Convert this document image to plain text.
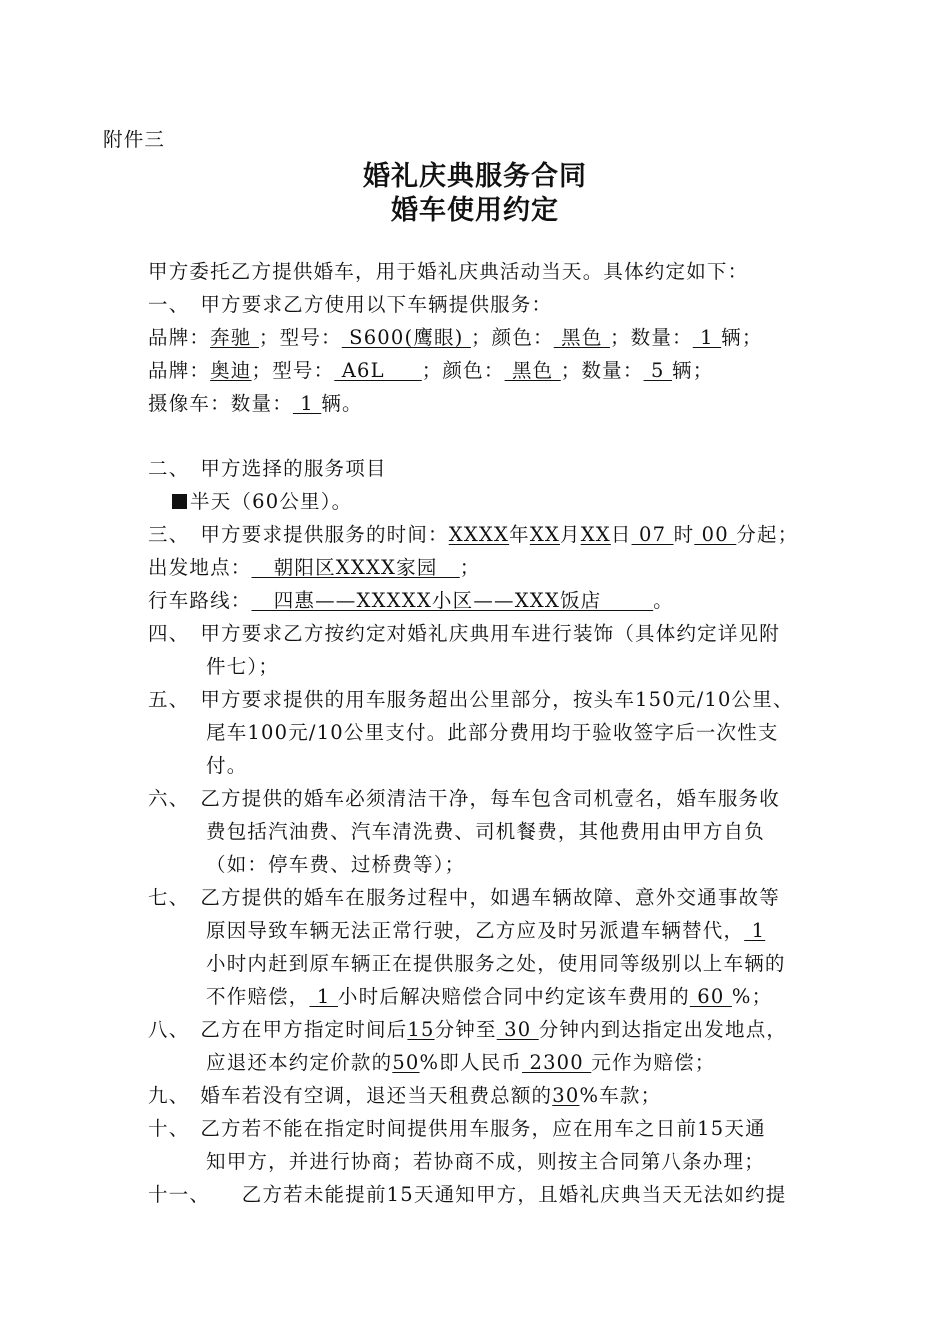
附件三
婚礼庆典服务合同
婚车使用约定
甲方委托乙方提供婚车，用于婚礼庆典活动当天。具体约定如下：
一、　甲方要求乙方使用以下车辆提供服务：
品牌：奔驰 ；型号： S600(鹰眼) ；颜色： 黑色 ；数量： 1 辆；
品牌：奥迪；型号： A6L     ；颜色： 黑色 ；数量： 5 辆；
摄像车：数量： 1 辆。
二、　甲方选择的服务项目
半天（60公里）。
三、　甲方要求提供服务的时间：XXXX年XX月XX日 07 时 00 分起；
出发地点：   朝阳区XXXX家园   ；
行车路线：   四惠——XXXXX小区——XXX饭店       。
四、　甲方要求乙方按约定对婚礼庆典用车进行装饰（具体约定详见附
件七）；
五、　甲方要求提供的用车服务超出公里部分，按头车150元/10公里、
尾车100元/10公里支付。此部分费用均于验收签字后一次性支
付。
六、　乙方提供的婚车必须清洁干净，每车包含司机壹名，婚车服务收
费包括汽油费、汽车清洗费、司机餐费，其他费用由甲方自负
（如：停车费、过桥费等）；
七、　乙方提供的婚车在服务过程中，如遇车辆故障、意外交通事故等
原因导致车辆无法正常行驶，乙方应及时另派遣车辆替代， 1
小时内赶到原车辆正在提供服务之处，使用同等级别以上车辆的
不作赔偿， 1 小时后解决赔偿合同中约定该车费用的 60 %；
八、　乙方在甲方指定时间后15分钟至 30 分钟内到达指定出发地点，
应退还本约定价款的50%即人民币 2300 元作为赔偿；
九、　婚车若没有空调，退还当天租费总额的30%车款；
十、　乙方若不能在指定时间提供用车服务，应在用车之日前15天通
知甲方，并进行协商；若协商不成，则按主合同第八条办理；
十一、　　乙方若未能提前15天通知甲方，且婚礼庆典当天无法如约提
